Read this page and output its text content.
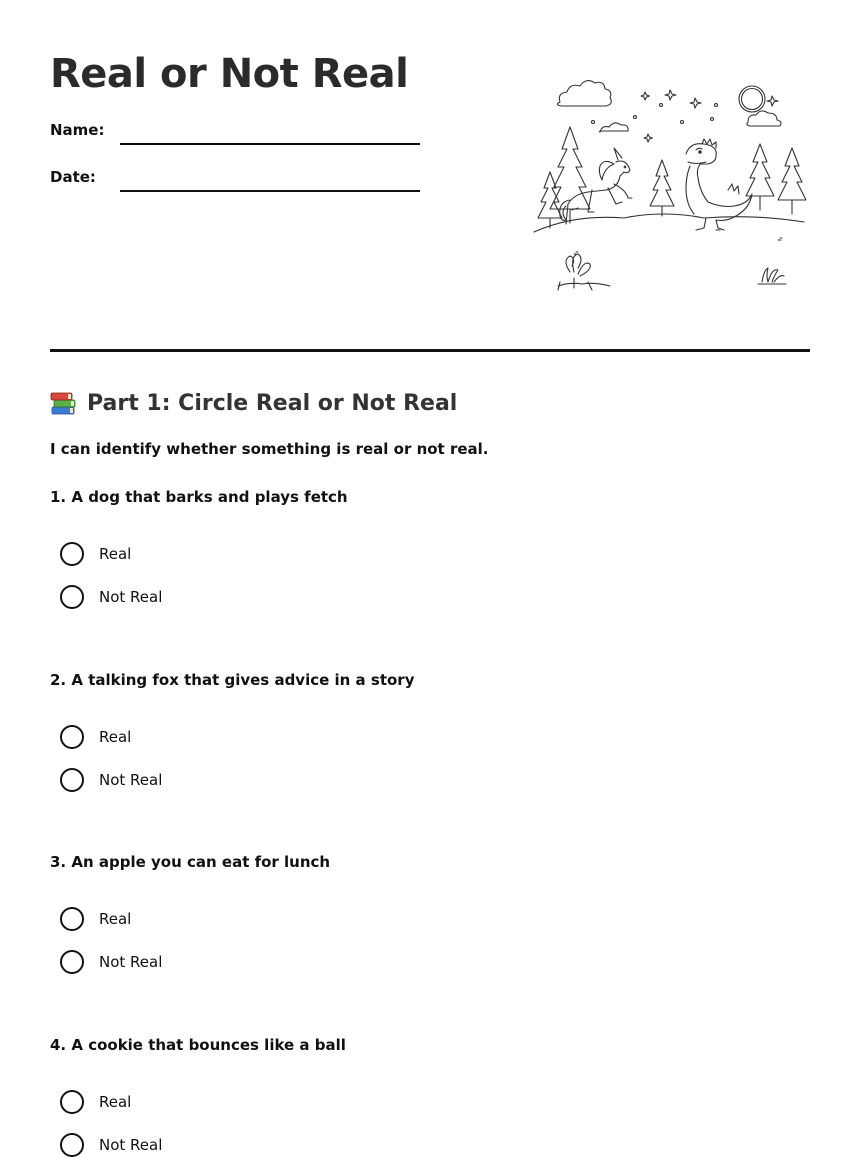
Real or Not Real
Name:
Date:
Part 1: Circle Real or Not Real
I can identify whether something is real or not real.
1. A dog that barks and plays fetch
Real
Not Real
2. A talking fox that gives advice in a story
Real
Not Real
3. An apple you can eat for lunch
Real
Not Real
4. A cookie that bounces like a ball
Real
Not Real
